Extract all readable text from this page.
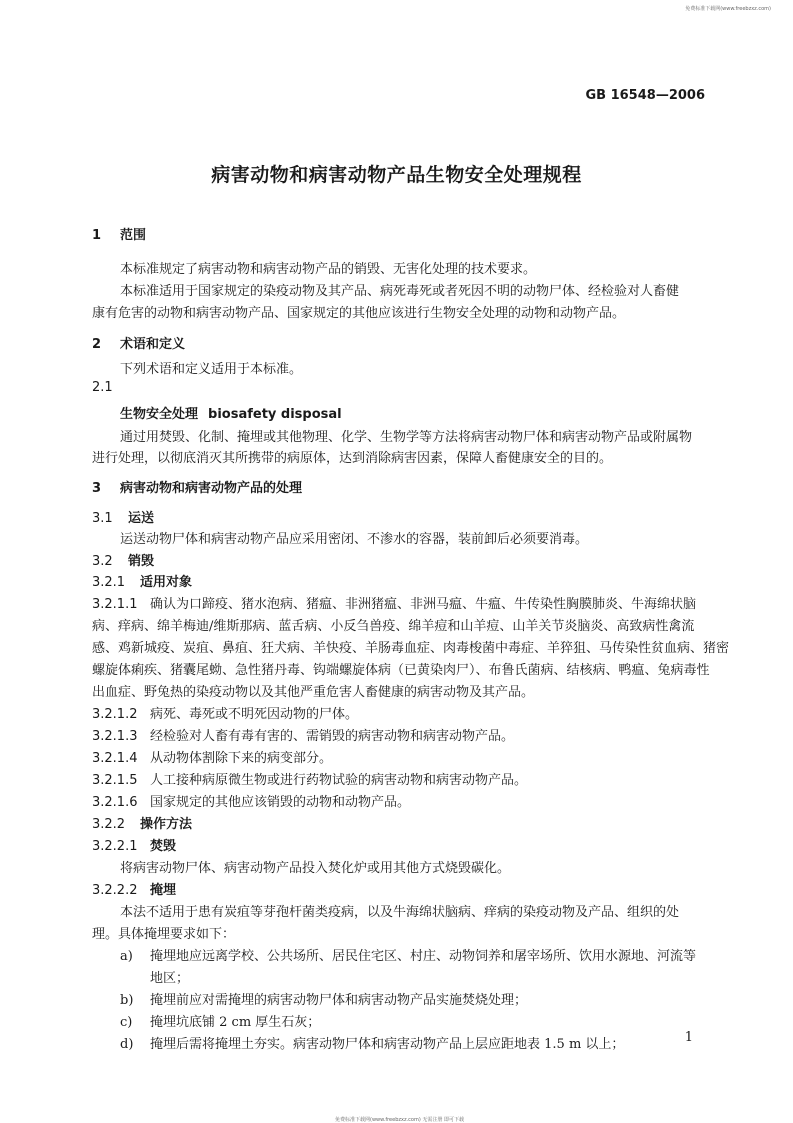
免费标准下载网(www.freebzxz.com)
GB 16548—2006
病害动物和病害动物产品生物安全处理规程
1 范围
本标准规定了病害动物和病害动物产品的销毁、无害化处理的技术要求。
本标准适用于国家规定的染疫动物及其产品、病死毒死或者死因不明的动物尸体、经检验对人畜健
康有危害的动物和病害动物产品、国家规定的其他应该进行生物安全处理的动物和动物产品。
2 术语和定义
下列术语和定义适用于本标准。
2.1
生物安全处理 biosafety disposal
通过用焚毁、化制、掩埋或其他物理、化学、生物学等方法将病害动物尸体和病害动物产品或附属物
进行处理，以彻底消灭其所携带的病原体，达到消除病害因素，保障人畜健康安全的目的。
3 病害动物和病害动物产品的处理
3.1 运送
运送动物尸体和病害动物产品应采用密闭、不渗水的容器，装前卸后必须要消毒。
3.2 销毁
3.2.1 适用对象
3.2.1.1 确认为口蹄疫、猪水泡病、猪瘟、非洲猪瘟、非洲马瘟、牛瘟、牛传染性胸膜肺炎、牛海绵状脑
病、痒病、绵羊梅迪/维斯那病、蓝舌病、小反刍兽疫、绵羊痘和山羊痘、山羊关节炎脑炎、高致病性禽流
感、鸡新城疫、炭疽、鼻疽、狂犬病、羊快疫、羊肠毒血症、肉毒梭菌中毒症、羊猝狙、马传染性贫血病、猪密
螺旋体痢疾、猪囊尾蚴、急性猪丹毒、钩端螺旋体病（已黄染肉尸）、布鲁氏菌病、结核病、鸭瘟、兔病毒性
出血症、野兔热的染疫动物以及其他严重危害人畜健康的病害动物及其产品。
3.2.1.2 病死、毒死或不明死因动物的尸体。
3.2.1.3 经检验对人畜有毒有害的、需销毁的病害动物和病害动物产品。
3.2.1.4 从动物体割除下来的病变部分。
3.2.1.5 人工接种病原微生物或进行药物试验的病害动物和病害动物产品。
3.2.1.6 国家规定的其他应该销毁的动物和动物产品。
3.2.2 操作方法
3.2.2.1 焚毁
将病害动物尸体、病害动物产品投入焚化炉或用其他方式烧毁碳化。
3.2.2.2 掩埋
本法不适用于患有炭疽等芽孢杆菌类疫病，以及牛海绵状脑病、痒病的染疫动物及产品、组织的处
理。具体掩埋要求如下：
a) 掩埋地应远离学校、公共场所、居民住宅区、村庄、动物饲养和屠宰场所、饮用水源地、河流等
地区；
b) 掩埋前应对需掩埋的病害动物尸体和病害动物产品实施焚烧处理；
c) 掩埋坑底铺 2 cm 厚生石灰；
d) 掩埋后需将掩埋土夯实。病害动物尸体和病害动物产品上层应距地表 1.5 m 以上；	1
免费标准下载网(www.freebzxz.com) 无需注册 即可下载
